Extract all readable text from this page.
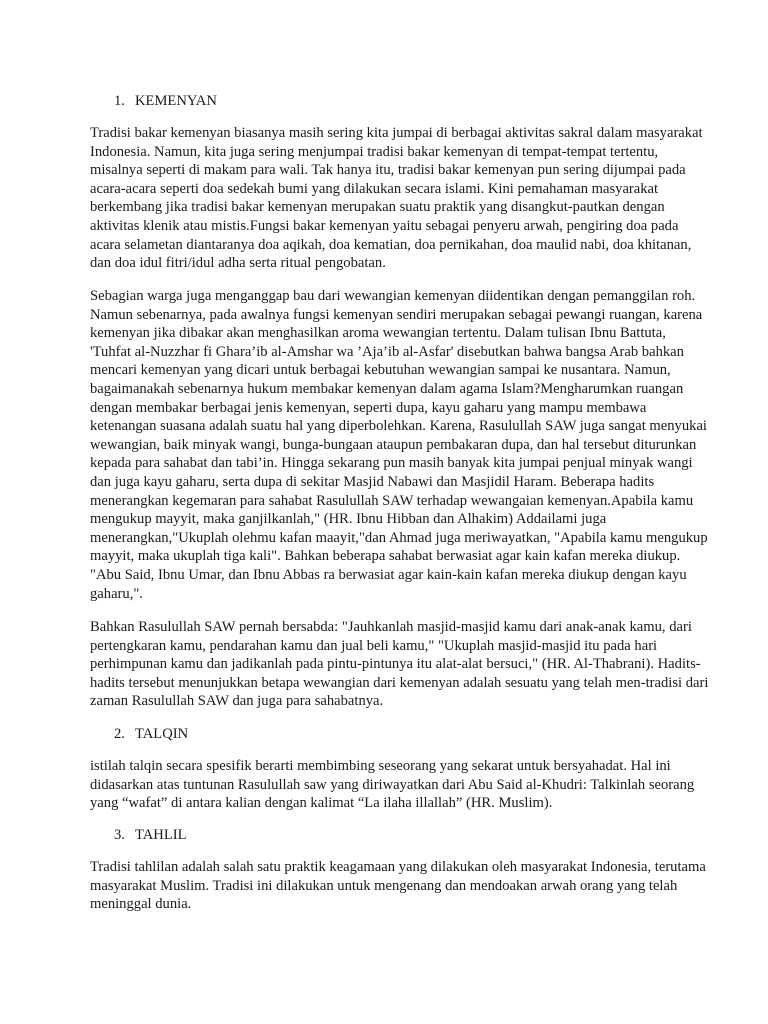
1. KEMENYAN
Tradisi bakar kemenyan biasanya masih sering kita jumpai di berbagai aktivitas sakral dalam masyarakat
Indonesia. Namun, kita juga sering menjumpai tradisi bakar kemenyan di tempat-tempat tertentu,
misalnya seperti di makam para wali. Tak hanya itu, tradisi bakar kemenyan pun sering dijumpai pada
acara-acara seperti doa sedekah bumi yang dilakukan secara islami. Kini pemahaman masyarakat
berkembang jika tradisi bakar kemenyan merupakan suatu praktik yang disangkut-pautkan dengan
aktivitas klenik atau mistis.Fungsi bakar kemenyan yaitu sebagai penyeru arwah, pengiring doa pada
acara selametan diantaranya doa aqikah, doa kematian, doa pernikahan, doa maulid nabi, doa khitanan,
dan doa idul fitri/idul adha serta ritual pengobatan.
Sebagian warga juga menganggap bau dari wewangian kemenyan diidentikan dengan pemanggilan roh.
Namun sebenarnya, pada awalnya fungsi kemenyan sendiri merupakan sebagai pewangi ruangan, karena
kemenyan jika dibakar akan menghasilkan aroma wewangian tertentu. Dalam tulisan Ibnu Battuta,
'Tuhfat al-Nuzzhar fi Ghara’ib al-Amshar wa ’Aja’ib al-Asfar' disebutkan bahwa bangsa Arab bahkan
mencari kemenyan yang dicari untuk berbagai kebutuhan wewangian sampai ke nusantara. Namun,
bagaimanakah sebenarnya hukum membakar kemenyan dalam agama Islam?Mengharumkan ruangan
dengan membakar berbagai jenis kemenyan, seperti dupa, kayu gaharu yang mampu membawa
ketenangan suasana adalah suatu hal yang diperbolehkan. Karena, Rasulullah SAW juga sangat menyukai
wewangian, baik minyak wangi, bunga-bungaan ataupun pembakaran dupa, dan hal tersebut diturunkan
kepada para sahabat dan tabi’in. Hingga sekarang pun masih banyak kita jumpai penjual minyak wangi
dan juga kayu gaharu, serta dupa di sekitar Masjid Nabawi dan Masjidil Haram. Beberapa hadits
menerangkan kegemaran para sahabat Rasulullah SAW terhadap wewangaian kemenyan.Apabila kamu
mengukup mayyit, maka ganjilkanlah," (HR. Ibnu Hibban dan Alhakim) Addailami juga
menerangkan,"Ukuplah olehmu kafan maayit,"dan Ahmad juga meriwayatkan, "Apabila kamu mengukup
mayyit, maka ukuplah tiga kali". Bahkan beberapa sahabat berwasiat agar kain kafan mereka diukup.
"Abu Said, Ibnu Umar, dan Ibnu Abbas ra berwasiat agar kain-kain kafan mereka diukup dengan kayu
gaharu,".
Bahkan Rasulullah SAW pernah bersabda: "Jauhkanlah masjid-masjid kamu dari anak-anak kamu, dari
pertengkaran kamu, pendarahan kamu dan jual beli kamu," "Ukuplah masjid-masjid itu pada hari
perhimpunan kamu dan jadikanlah pada pintu-pintunya itu alat-alat bersuci," (HR. Al-Thabrani). Hadits-
hadits tersebut menunjukkan betapa wewangian dari kemenyan adalah sesuatu yang telah men-tradisi dari
zaman Rasulullah SAW dan juga para sahabatnya.
2. TALQIN
istilah talqin secara spesifik berarti membimbing seseorang yang sekarat untuk bersyahadat. Hal ini
didasarkan atas tuntunan Rasulullah saw yang diriwayatkan dari Abu Said al-Khudri: Talkinlah seorang
yang “wafat” di antara kalian dengan kalimat “La ilaha illallah” (HR. Muslim).
3. TAHLIL
Tradisi tahlilan adalah salah satu praktik keagamaan yang dilakukan oleh masyarakat Indonesia, terutama
masyarakat Muslim. Tradisi ini dilakukan untuk mengenang dan mendoakan arwah orang yang telah
meninggal dunia.
